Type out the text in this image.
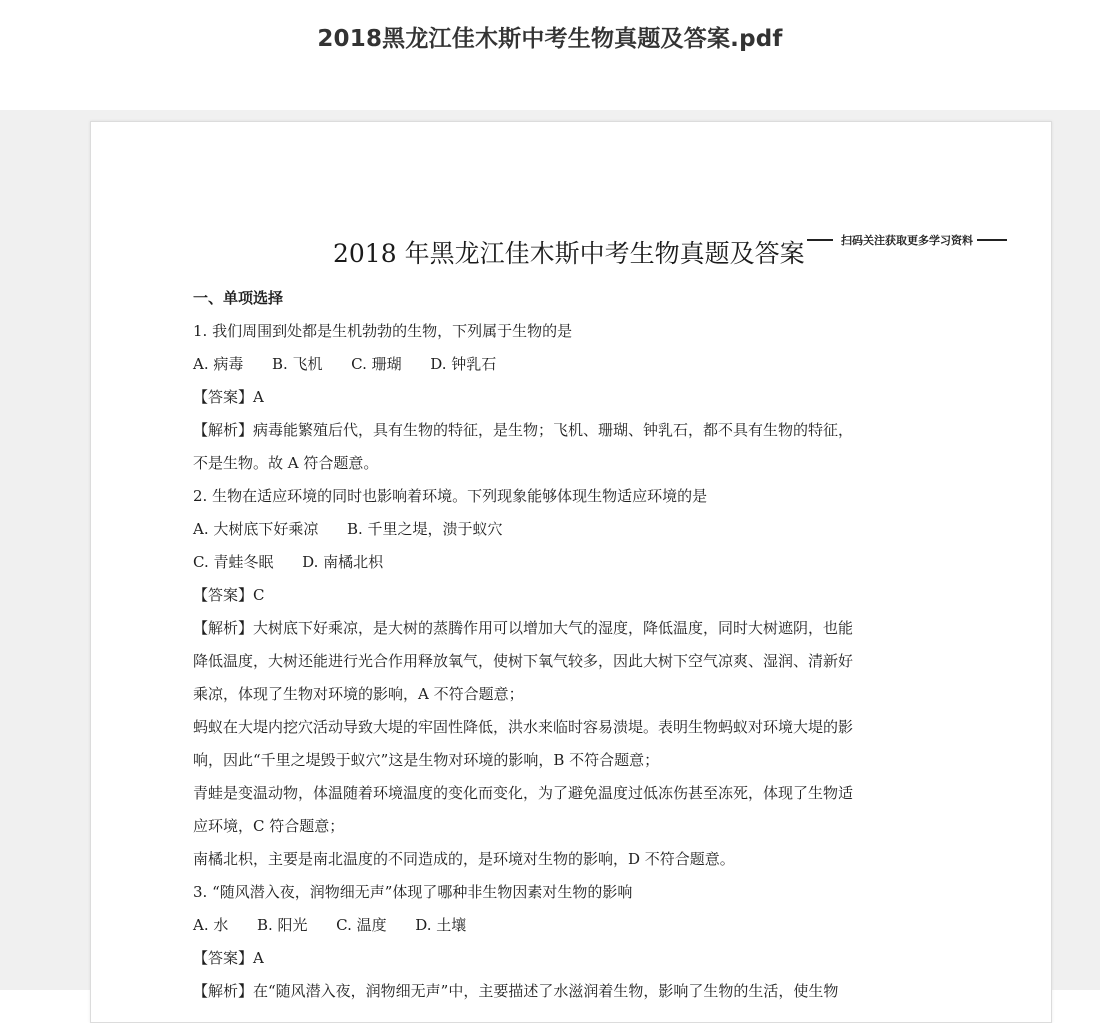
2018黑龙江佳木斯中考生物真题及答案.pdf
2018 年黑龙江佳木斯中考生物真题及答案	扫码关注获取更多学习资料
一、单项选择
1. 我们周围到处都是生机勃勃的生物，下列属于生物的是
A. 病毒      B. 飞机      C. 珊瑚      D. 钟乳石
【答案】A
【解析】病毒能繁殖后代，具有生物的特征，是生物；飞机、珊瑚、钟乳石，都不具有生物的特征，
不是生物。故 A 符合题意。
2. 生物在适应环境的同时也影响着环境。下列现象能够体现生物适应环境的是
A. 大树底下好乘凉      B. 千里之堤，溃于蚁穴
C. 青蛙冬眠      D. 南橘北枳
【答案】C
【解析】大树底下好乘凉，是大树的蒸腾作用可以增加大气的湿度，降低温度，同时大树遮阴，也能
降低温度，大树还能进行光合作用释放氧气，使树下氧气较多，因此大树下空气凉爽、湿润、清新好
乘凉，体现了生物对环境的影响，A 不符合题意；
蚂蚁在大堤内挖穴活动导致大堤的牢固性降低，洪水来临时容易溃堤。表明生物蚂蚁对环境大堤的影
响，因此“千里之堤毁于蚁穴”这是生物对环境的影响，B 不符合题意；
青蛙是变温动物，体温随着环境温度的变化而变化，为了避免温度过低冻伤甚至冻死，体现了生物适
应环境，C 符合题意；
南橘北枳，主要是南北温度的不同造成的，是环境对生物的影响，D 不符合题意。
3. “随风潜入夜，润物细无声”体现了哪种非生物因素对生物的影响
A. 水      B. 阳光      C. 温度      D. 土壤
【答案】A
【解析】在“随风潜入夜，润物细无声”中，主要描述了水滋润着生物，影响了生物的生活，使生物
